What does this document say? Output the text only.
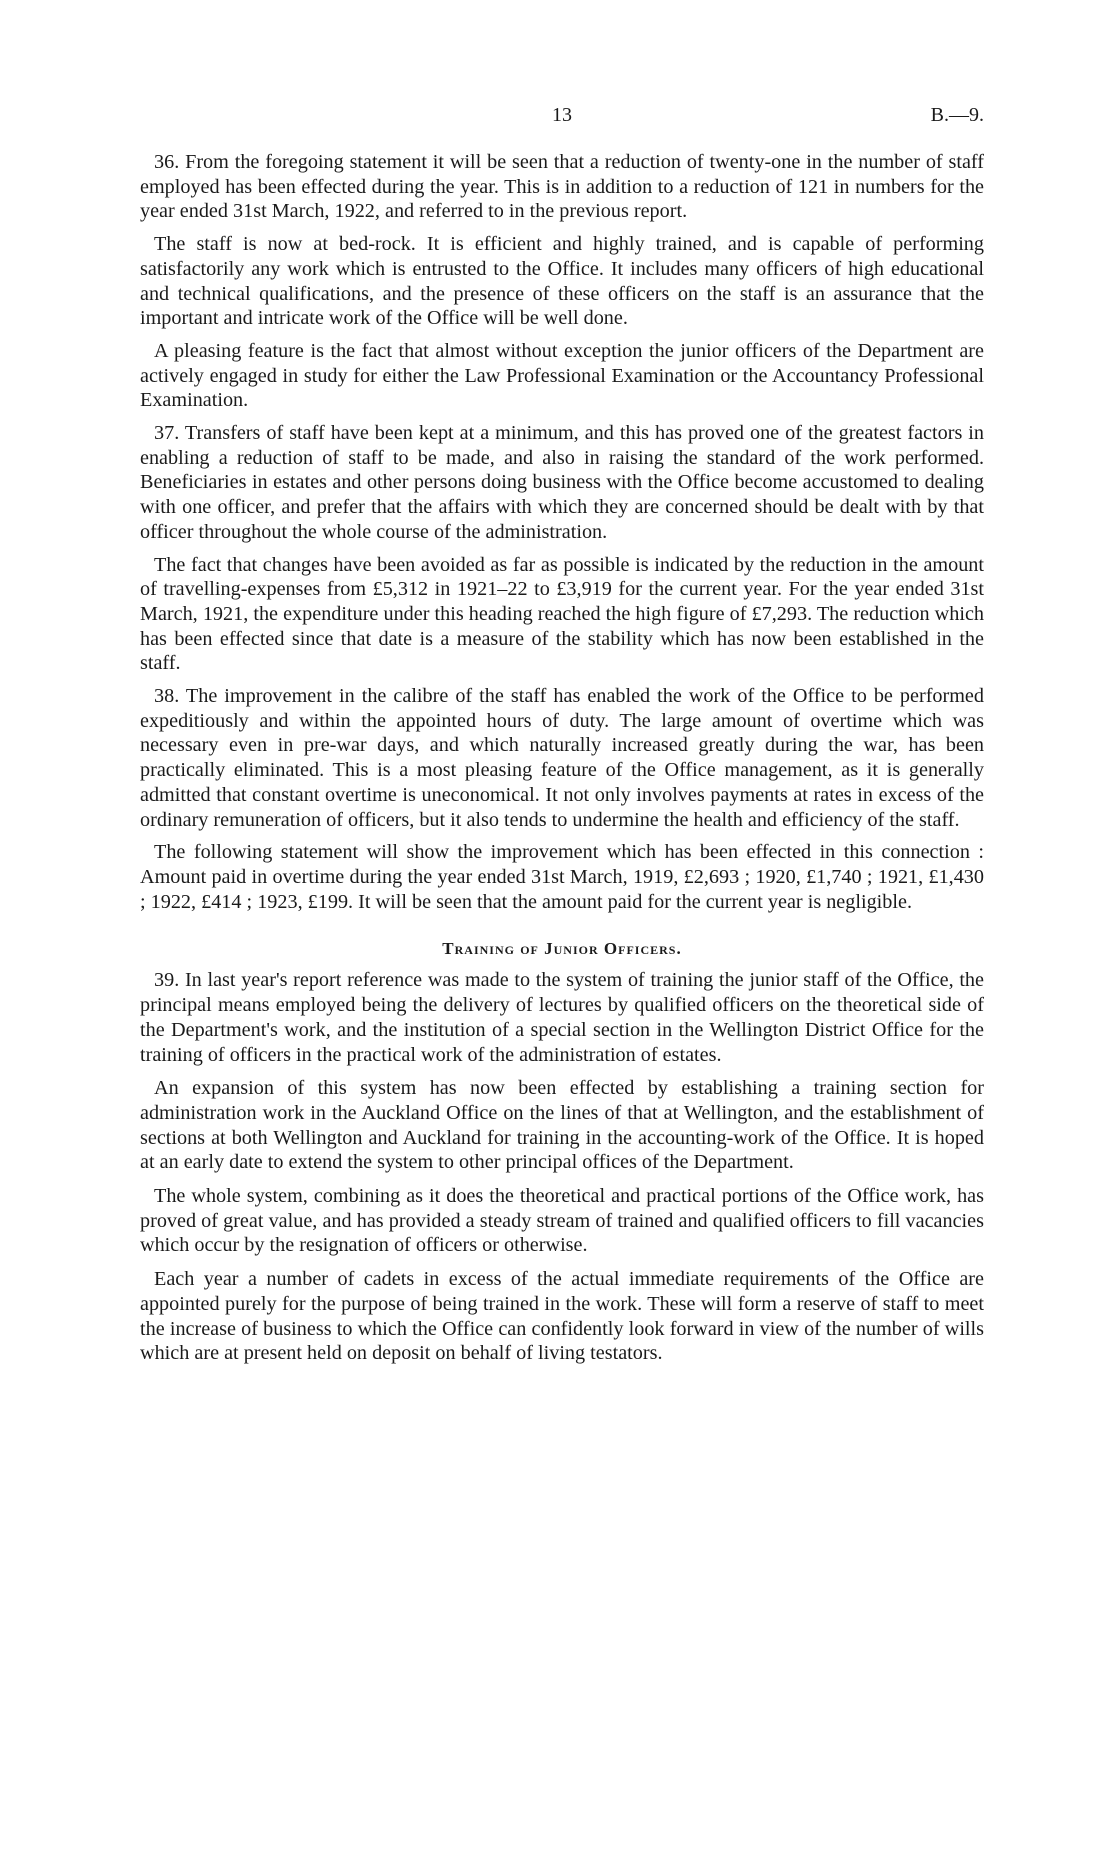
13	B.—9.

36. From the foregoing statement it will be seen that a reduction of twenty-one in the number of staff employed has been effected during the year. This is in addition to a reduction of 121 in numbers for the year ended 31st March, 1922, and referred to in the previous report.

The staff is now at bed-rock. It is efficient and highly trained, and is capable of performing satisfactorily any work which is entrusted to the Office. It includes many officers of high educational and technical qualifications, and the presence of these officers on the staff is an assurance that the important and intricate work of the Office will be well done.

A pleasing feature is the fact that almost without exception the junior officers of the Department are actively engaged in study for either the Law Professional Examination or the Accountancy Professional Examination.

37. Transfers of staff have been kept at a minimum, and this has proved one of the greatest factors in enabling a reduction of staff to be made, and also in raising the standard of the work performed. Beneficiaries in estates and other persons doing business with the Office become accustomed to dealing with one officer, and prefer that the affairs with which they are concerned should be dealt with by that officer throughout the whole course of the administration.

The fact that changes have been avoided as far as possible is indicated by the reduction in the amount of travelling-expenses from £5,312 in 1921–22 to £3,919 for the current year. For the year ended 31st March, 1921, the expenditure under this heading reached the high figure of £7,293. The reduction which has been effected since that date is a measure of the stability which has now been established in the staff.

38. The improvement in the calibre of the staff has enabled the work of the Office to be performed expeditiously and within the appointed hours of duty. The large amount of overtime which was necessary even in pre-war days, and which naturally increased greatly during the war, has been practically eliminated. This is a most pleasing feature of the Office management, as it is generally admitted that constant overtime is uneconomical. It not only involves payments at rates in excess of the ordinary remuneration of officers, but it also tends to undermine the health and efficiency of the staff.

The following statement will show the improvement which has been effected in this connection : Amount paid in overtime during the year ended 31st March, 1919, £2,693 ; 1920, £1,740 ; 1921, £1,430 ; 1922, £414 ; 1923, £199. It will be seen that the amount paid for the current year is negligible.

Training of Junior Officers.

39. In last year's report reference was made to the system of training the junior staff of the Office, the principal means employed being the delivery of lectures by qualified officers on the theoretical side of the Department's work, and the institution of a special section in the Wellington District Office for the training of officers in the practical work of the administration of estates.

An expansion of this system has now been effected by establishing a training section for administration work in the Auckland Office on the lines of that at Wellington, and the establishment of sections at both Wellington and Auckland for training in the accounting-work of the Office. It is hoped at an early date to extend the system to other principal offices of the Department.

The whole system, combining as it does the theoretical and practical portions of the Office work, has proved of great value, and has provided a steady stream of trained and qualified officers to fill vacancies which occur by the resignation of officers or otherwise.

Each year a number of cadets in excess of the actual immediate requirements of the Office are appointed purely for the purpose of being trained in the work. These will form a reserve of staff to meet the increase of business to which the Office can confidently look forward in view of the number of wills which are at present held on deposit on behalf of living testators.
